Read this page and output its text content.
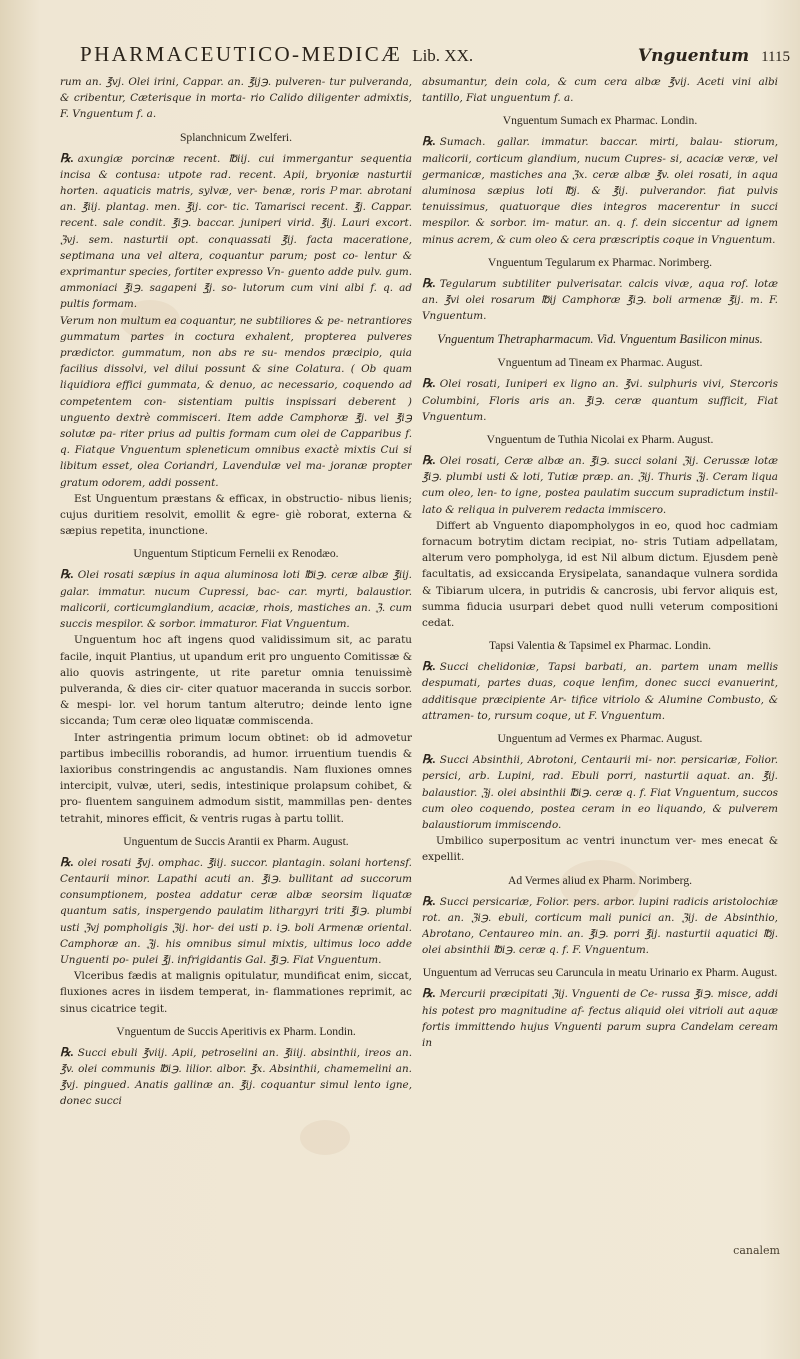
PHARMACEUTICO-MEDICÆ Lib. XX.	Vnguentum 1115
rum an. ℥vj. Olei irini, Cappar. an. ℥ij℈. pulveren- tur pulverandа, & cribentur, Cæterisque in morta- rio Calido diligenter admixtis, F. Vnguentum f. a.
Splanchnicum Zwelferi.
℞. axungiæ porcinæ recent. ℔iij. cui immergantur sequentia incisa & contusa: utpote rad. recent. Apii, bryoniæ nasturtii horten. aquaticis matris, sylvæ, ver- benæ, rorisＰmar. abrotani an. ℥iij. plantag. men. ℥ij. cor- tic. Tamarisci recent. ℥j. Cappar. recent. sale condit. ℥i℈. baccar. juniperi virid. ℥ij. Lauri excort. ℨvj. sem. nasturtii opt. conquassati ℥ij. facta maceratione, septimana una vel altera, coquantur parum; post co- lentur & exprimantur species, fortiter expresso Vn- guento adde pulv. gum. ammoniaci ℥i℈. sagapeni ℥j. so- lutorum cum vini albi f. q. ad pultis formam.
Verum non multum ea coquantur, ne subtiliores & pe- netrantiores gummatum partes in coctura exhalent, propterea pulveres prædictor. gummatum, non abs re su- mendos præcipio, quia facilius dissolvi, vel dilui possunt & sine Colatura. ( Ob quam liquidiora effici gummata, & denuo, ac necessario, coquendo ad competentem con- sistentiam pultis inspissari deberent ) unguento dextrè commisceri. Item adde Camphoræ ℥j. vel ℥i℈ solutæ pa- riter prius ad pultis formam cum olei de Capparibus f. q. Fiatque Vnguentum spleneticum omnibus exactè mixtis Cui si libitum esset, olea Coriandri, Lavendulæ vel ma- joranæ propter gratum odorem, addi possent.
Est Unguentum præstans & efficax, in obstructio- nibus lienis; cujus duritiem resolvit, emollit & egre- giè roborat, externa & sæpius repetita, inunctione.
Unguentum Stipticum Fernelii ex Renodæo.
℞. Olei rosati sæpius in aqua aluminosa loti ℔i℈. ceræ albæ ℥iij. galar. immatur. nucum Cupressi, bac- car. myrti, balaustior. malicorii, corticumglandium, acaciæ, rhois, mastiches an. ℨ. cum succis mespilor. & sorbor. immaturor. Fiat Vnguentum.
Unguentum hoc aft ingens quod validissimum sit, ac paratu facile, inquit Plantius, ut upandum erit pro unguento Comitissæ & alio quovis astringente, ut rite paretur omnia tenuissimè pulveranda, & dies cir- citer quatuor maceranda in succis sorbor. & mespi- lor. vel horum tantum alterutro; deinde lento igne siccanda; Tum ceræ oleo liquatæ commiscenda.
Inter astringentia primum locum obtinet: ob id admovetur partibus imbecillis roborandis, ad humor. irruentium tuendis & laxioribus constringendis ac angustandis. Nam fluxiones omnes intercipit, vulvæ, uteri, sedis, intestinique prolapsum cohibet, & pro- fluentem sanguinem admodum sistit, mammillas pen- dentes tetrahit, minores efficit, & ventris rugas à partu tollit.
Unguentum de Succis Arantii ex Pharm. August.
℞. olei rosati ℥vj. omphac. ℥iij. succor. plantagin. solani hortensf. Centaurii minor. Lapathi acuti an. ℥i℈. bullitant ad succorum consumptionem, postea addatur ceræ albæ seorsim liquatæ quantum satis, inspergendo paulatim lithargyri triti ℥i℈. plumbi usti ℨvj pompholigis ℨij. hor- dei usti p. i℈. boli Armenæ oriental. Camphoræ an. ℨj. his omnibus simul mixtis, ultimus loco adde Unguenti po- pulei ℥j. infrigidantis Gal. ℥i℈. Fiat Vnguentum.
Vlceribus fædis at malignis opitulatur, mundificat enim, siccat, fluxiones acres in iisdem temperat, in- flammationes reprimit, ac sinus cicatrice tegit.
Vnguentum de Succis Aperitivis ex Pharm. Londin.
℞. Succi ebuli ℥viij. Apii, petroselini an. ℥iiij. absinthii, ireos an. ℥v. olei communis ℔i℈. lilior. albor. ℥x. Absinthii, chamemelini an. ℥vj. pingued. Anatis gallinæ an. ℥ij. coquantur simul lento igne, donec succi
absumantur, dein cola, & cum cera albæ ℥vij. Aceti vini albi tantillo, Fiat unguentum f. a.
Vnguentum Sumach ex Pharmac. Londin.
℞. Sumach. gallar. immatur. baccar. mirti, balau- stiorum, malicorii, corticum glandium, nucum Cupres- si, acaciæ veræ, vel germanicæ, mastiches ana ℨx. ceræ albæ ℥v. olei rosati, in aqua aluminosa sæpius loti ℔j. & ℥ij. pulverandor. fiat pulvis tenuissimus, quatuorque dies integros macerentur in succi mespilor. & sorbor. im- matur. an. q. f. dein siccentur ad ignem minus acrem, & cum oleo & cera præscriptis coque in Vnguentum.
Vnguentum Tegularum ex Pharmac. Norimberg.
℞. Tegularum subtiliter pulverisatar. calcis vivæ, aqua rof. lotæ an. ℥vi olei rosarum ℔ij Camphoræ ℥i℈. boli armenæ ℥ij. m. F. Vnguentum.
Vnguentum Thetrapharmacum. Vid. Vnguentum Basilicon minus.
Vnguentum ad Tineam ex Pharmac. August.
℞. Olei rosati, Iuniperi ex ligno an. ℥vi. sulphuris vivi, Stercoris Columbini, Floris aris an. ℥i℈. ceræ quantum sufficit, Fiat Vnguentum.
Vnguentum de Tuthia Nicolai ex Pharm. August.
℞. Olei rosati, Ceræ albæ an. ℥i℈. succi solani ℨij. Cerussæ lotæ ℥i℈. plumbi usti & loti, Tutiæ præp. an. ℨij. Thuris ℨj. Ceram liqua cum oleo, len- to igne, postea paulatim succum supradictum instil- lato & reliqua in pulverem redacta immiscero.
Differt ab Vnguento diapompholygos in eo, quod hoc cadmiam fornacum botrytim dictam recipiat, no- stris Tutiam adpellatam, alterum vero pompholyga, id est Nil album dictum. Ejusdem penè facultatis, ad exsiccanda Erysipelata, sanandaque vulnera sordida & Tibiarum ulcera, in putridis & cancrosis, ubi fervor aliquis est, summa fiducia usurpari debet quod nulli veterum compositioni cedat.
Tapsi Valentia & Tapsimel ex Pharmac. Londin.
℞. Succi chelidoniæ, Tapsi barbati, an. partem unam mellis despumati, partes duas, coque lenfim, donec succi evanuerint, additisque præcipiente Ar- tifice vitriolo & Alumine Combusto, & attramen- to, rursum coque, ut F. Vnguentum.
Unguentum ad Vermes ex Pharmac. August.
℞. Succi Absinthii, Abrotoni, Centaurii mi- nor. persicariæ, Folior. persici, arb. Lupini, rad. Ebuli porri, nasturtii aquat. an. ℥ij. balaustior. ℨj. olei absinthii ℔i℈. ceræ q. f. Fiat Vnguentum, succos cum oleo coquendo, postea ceram in eo liquando, & pulverem balaustiorum immiscendo.
Umbilico superpositum ac ventri inunctum ver- mes enecat & expellit.
Ad Vermes aliud ex Pharm. Norimberg.
℞. Succi persicariæ, Folior. pers. arbor. lupini radicis aristolochiæ rot. an. ℨi℈. ebuli, corticum mali punici an. ℨij. de Absinthio, Abrotano, Centaureo min. an. ℥i℈. porri ℥ij. nasturtii aquatici ℔j. olei absinthii ℔i℈. ceræ q. f. F. Vnguentum.
Unguentum ad Verrucas seu Caruncula in meatu Urinario ex Pharm. August.
℞. Mercurii præcipitati ℨij. Vnguenti de Ce- russa ℥i℈. misce, addi his potest pro magnitudine af- fectus aliquid olei vitrioli aut aquæ fortis immittendo hujus Vnguenti parum supra Candelam ceream in
canalem
